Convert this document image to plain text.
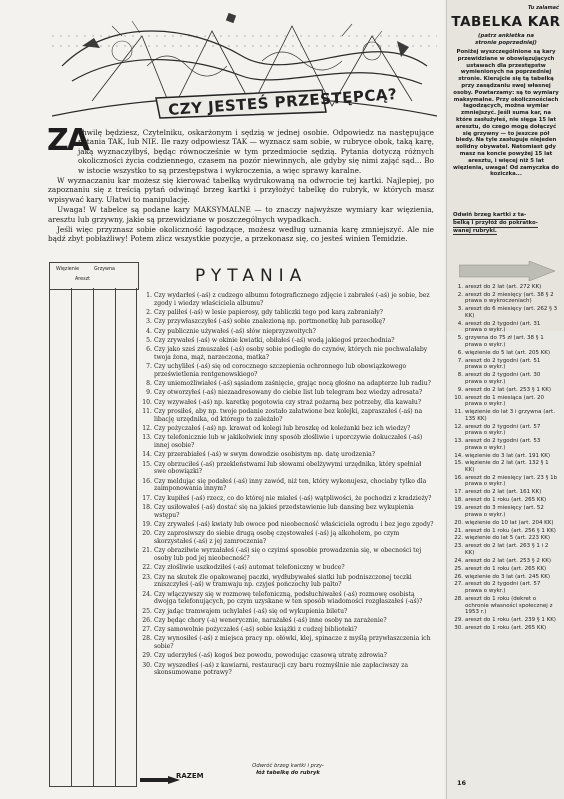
CZY JESTEŚ PRZESTĘPCĄ?
ZA

chwilę będziesz, Czytelniku, oskarżonym i sędzią w jednej osobie. Odpowiedz na następujące pytania TAK, lub NIE. Ile razy odpowiesz TAK — wyznacz sam sobie, w rubryce obok, taką karę, jaką wyznaczyłbyś, będąc równocześnie w tym przedmiocie sędzią. Pytania dotyczą różnych okoliczności życia codziennego, czasem na pozór niewinnych, ale gdyby się nimi zająć sąd... Bo w istocie wszystko to są przestępstwa i wykroczenia, a więc sprawy karalne.

W wyznaczaniu kar możesz się kierować tabelką wydrukowaną na odwrocie tej kartki. Najlepiej, po zapoznaniu się z treścią pytań odwinąć brzeg kartki i przyłożyć tabelkę do rubryk, w których masz wpisywać kary. Ułatwi to manipulację.

Uwaga! W tabelce są podane kary MAKSYMALNE — to znaczy najwyższe wymiary kar więzienia, aresztu lub grzywny, jakie są przewidziane w poszczególnych wypadkach.

Jeśli więc przyznasz sobie okoliczność łagodzące, możesz według uznania karę zmniejszyć. Ale nie bądź zbyt pobłażliwy! Potem zlicz wszystkie pozycje, a przekonasz się, co jesteś winien Temidzie.

Więzienie	Grzywna
Areszt	PYTANIA
1. Czy wydarłeś (-aś) z cudzego albumu fotograficznego zdjęcie i zabrałeś (-aś) je sobie, bez zgody i wiedzy właściciela albumu?
2. Czy paliłeś (-aś) w lesie papierosy, gdy tabliczki tego pod karą zabraniały?
3. Czy przywłaszczyłeś (-aś) sobie znalezioną np. portmonetkę lub parasolkę?
4. Czy publicznie używałeś (-aś) słów nieprzyzwoitych?
5. Czy zrywałeś (-aś) w okinie kwiatki, obiłałeś (-aś) wodą jakiegoś przechodnia?
6. Czy jako sześ zmuszałeś (-aś) osoby sobie podległe do czynów, których nie pochwalałaby twoja żona, mąż, narzeczona, matka?
7. Czy uchyliłeś (-aś) się od corocznego szczepienia ochronnego lub obowiązkowego prześwietlenia rentgenowskiego?
8. Czy uniemożliwiałeś (-aś) sąsiadom zaśnięcie, grając nocą głośno na adapterze lub radiu?
9. Czy otworzyłeś (-aś) niezaadresowany do ciebie list lub telegram bez wiedzy adresata?
10. Czy wzywałeś (-aś) np. karetkę pogotowia czy straż pożarną bez potrzeby, dla kawału?
11. Czy prosiłeś, aby np. twoje podanie zostało załatwione bez kolejki, zapraszałeś (-aś) na libację urzędnika, od którego to zależało?
12. Czy pożyczałeś (-aś) np. krawat od kolegi lub broszkę od koleżanki bez ich wiedzy?
13. Czy telefonicznie lub w jakikolwiek inny sposób złośliwie i uporczywie dokuczałeś (-aś) innej osobie?
14. Czy przerabiałeś (-aś) w swym dowodzie osobistym np. datę urodzenia?
15. Czy obrzuciłeś (-aś) przekleństwami lub słowami obelżywymi urzędnika, który spełniał swe obowiązki?
16. Czy meldując się podałeś (-aś) inny zawód, niż ten, który wykonujesz, chociaby tylko dla zaimponowania innym?
17. Czy kupiłeś (-aś) rzecz, co do której nie miałeś (-aś) wątpliwości, że pochodzi z kradzieży?
18. Czy usiłowałeś (-aś) dostać się na jakieś przedstawienie lub dansing bez wykupienia wstępu?
19. Czy zrywałeś (-aś) kwiaty lub owoce pod nieobecność właściciela ogrodu i bez jego zgody?
20. Czy zaprosiwszy do siebie drugą osobę częstowałeś (-aś) ją alkoholem, po czym skorzystałeś (-aś) z jej zamroczenia?
21. Czy obraziłwie wyrzałałeś (-aś) się o czyimś sposobie prowadzenia się, w obecności tej osoby lub pod jej nieobecność?
22. Czy złośliwie uszkodziłeś (-aś) automat telefoniczny w budce?
23. Czy na skutek źle opakowanej paczki, wydłubywałeś siatki lub podniszczonej teczki zniszczyłeś (-aś) w tramwaju np. czyjeś pończochy lub palto?
24. Czy włączywszy się w rozmowę telefoniczną, podsłuchiwałeś (-aś) rozmowę osobistą dwojga telefonujących, po czym uzyskane w ten sposób wiadomości rozgłaszałeś (-aś)?
25. Czy jadąc tramwajem uchylałeś (-aś) się od wykupienia biletu?
26. Czy będąc chory (-a) wenerycznie, narażałeś (-aś) inne osoby na zarażenie?
27. Czy samowolnie pożyczałeś (-aś) sobie książki z cudzej biblioteki?
28. Czy wynosiłeś (-aś) z miejsca pracy np. ołówki, klej, spinacze z myślą przywłaszczenia ich sobie?
29. Czy uderzyłeś (-aś) kogoś bez powodu, powodując czasową utratę zdrowia?
30. Czy wyszedłeś (-aś) z kawiarni, restauracji czy baru rozmyślnie nie zapłaciwszy za skonsumowane potrawy?
RAZEM
Odwróć brzeg kartki i przy-
łóż tabelkę do rubryk
Tu zalamać
TABELKA KAR
(patrz ankietka na
stronie poprzedniej)

Poniżej wyszczególnione są kary przewidziane w obowiązujących ustawach dla przestępstw wymienionych na poprzedniej stronie. Kierujcie się tą tabelką przy zasądzaniu swej własnej osoby. Powtarzamy: są to wymiary maksymalne. Przy okolicznościach łagodzących, można wymiar zmniejszyć. Jeśli suma kar, na które zasłużyłeś, nie sięga 15 lat aresztu, do czego mogą dołączyć się grzywny — to jeszcze pół biedy. Na tyle zasługuje niejeden solidny obywatel. Natomiast gdy masz na koncie powyżej 15 lat aresztu, i więcej niż 5 lat więzienia, uwaga! Od zamyczka do koziczka...

Odwiń brzeg kartki z ta-
belką i przyłóż do pokratko-
wanej rubryki.
1. areszt do 2 lat (art. 272 KK)
2. areszt do 2 miesięcy (art. 38 § 2 prawa o wykroczeniach)
3. areszt do 6 miesięcy (art. 262 § 3 KK)
4. areszt do 2 tygodni (art. 31 prawa o wykr.)
5. grzywna do 75 zł (art. 38 § 1 prawa o wykr.)
6. więzienie do 5 lat (art. 205 KK)
7. areszt do 2 tygodni (art. 51 prawa o wykr.)
8. areszt do 2 tygodni (art. 30 prawa o wykr.)
9. areszt do 2 lat (art. 253 § 1 KK)
10. areszt do 1 miesiąca (art. 20 prawa o wykr.)
11. więzienie do lat 3 i grzywna (art. 135 KK)
12. areszt do 2 tygodni (art. 57 prawa o wykr.)
13. areszt do 2 tygodni (art. 53 prawa o wykr.)
14. więzienie do 3 lat (art. 191 KK)
15. więzienie do 2 lat (art. 132 § 1 KK)
16. areszt do 2 miesięcy (art. 23 § 1b prawa o wykr.)
17. areszt do 2 lat (art. 161 KK)
18. areszt do 1 roku (art. 265 KK)
19. areszt do 3 miesięcy (art. 52 prawa o wykr.)
20. więzienie do 10 lat (art. 204 KK)
21. areszt do 1 roku (art. 256 § 1 KK)
22. więzienie do lat 5 (art. 223 KK)
23. areszt do 2 lat (art. 263 § 1 i 2 KK)
24. areszt do 2 lat (art. 253 § 2 KK)
25. areszt do 1 roku (art. 265 KK)
26. więzienie do 3 lat (art. 245 KK)
27. areszt do 2 tygodni (art. 57 prawa o wykr.)
28. areszt do 1 roku (dekret o ochronie własności społecznej z 1953 r.)
29. areszt do 1 roku (art. 239 § 1 KK)
30. areszt do 1 roku (art. 265 KK)
16
